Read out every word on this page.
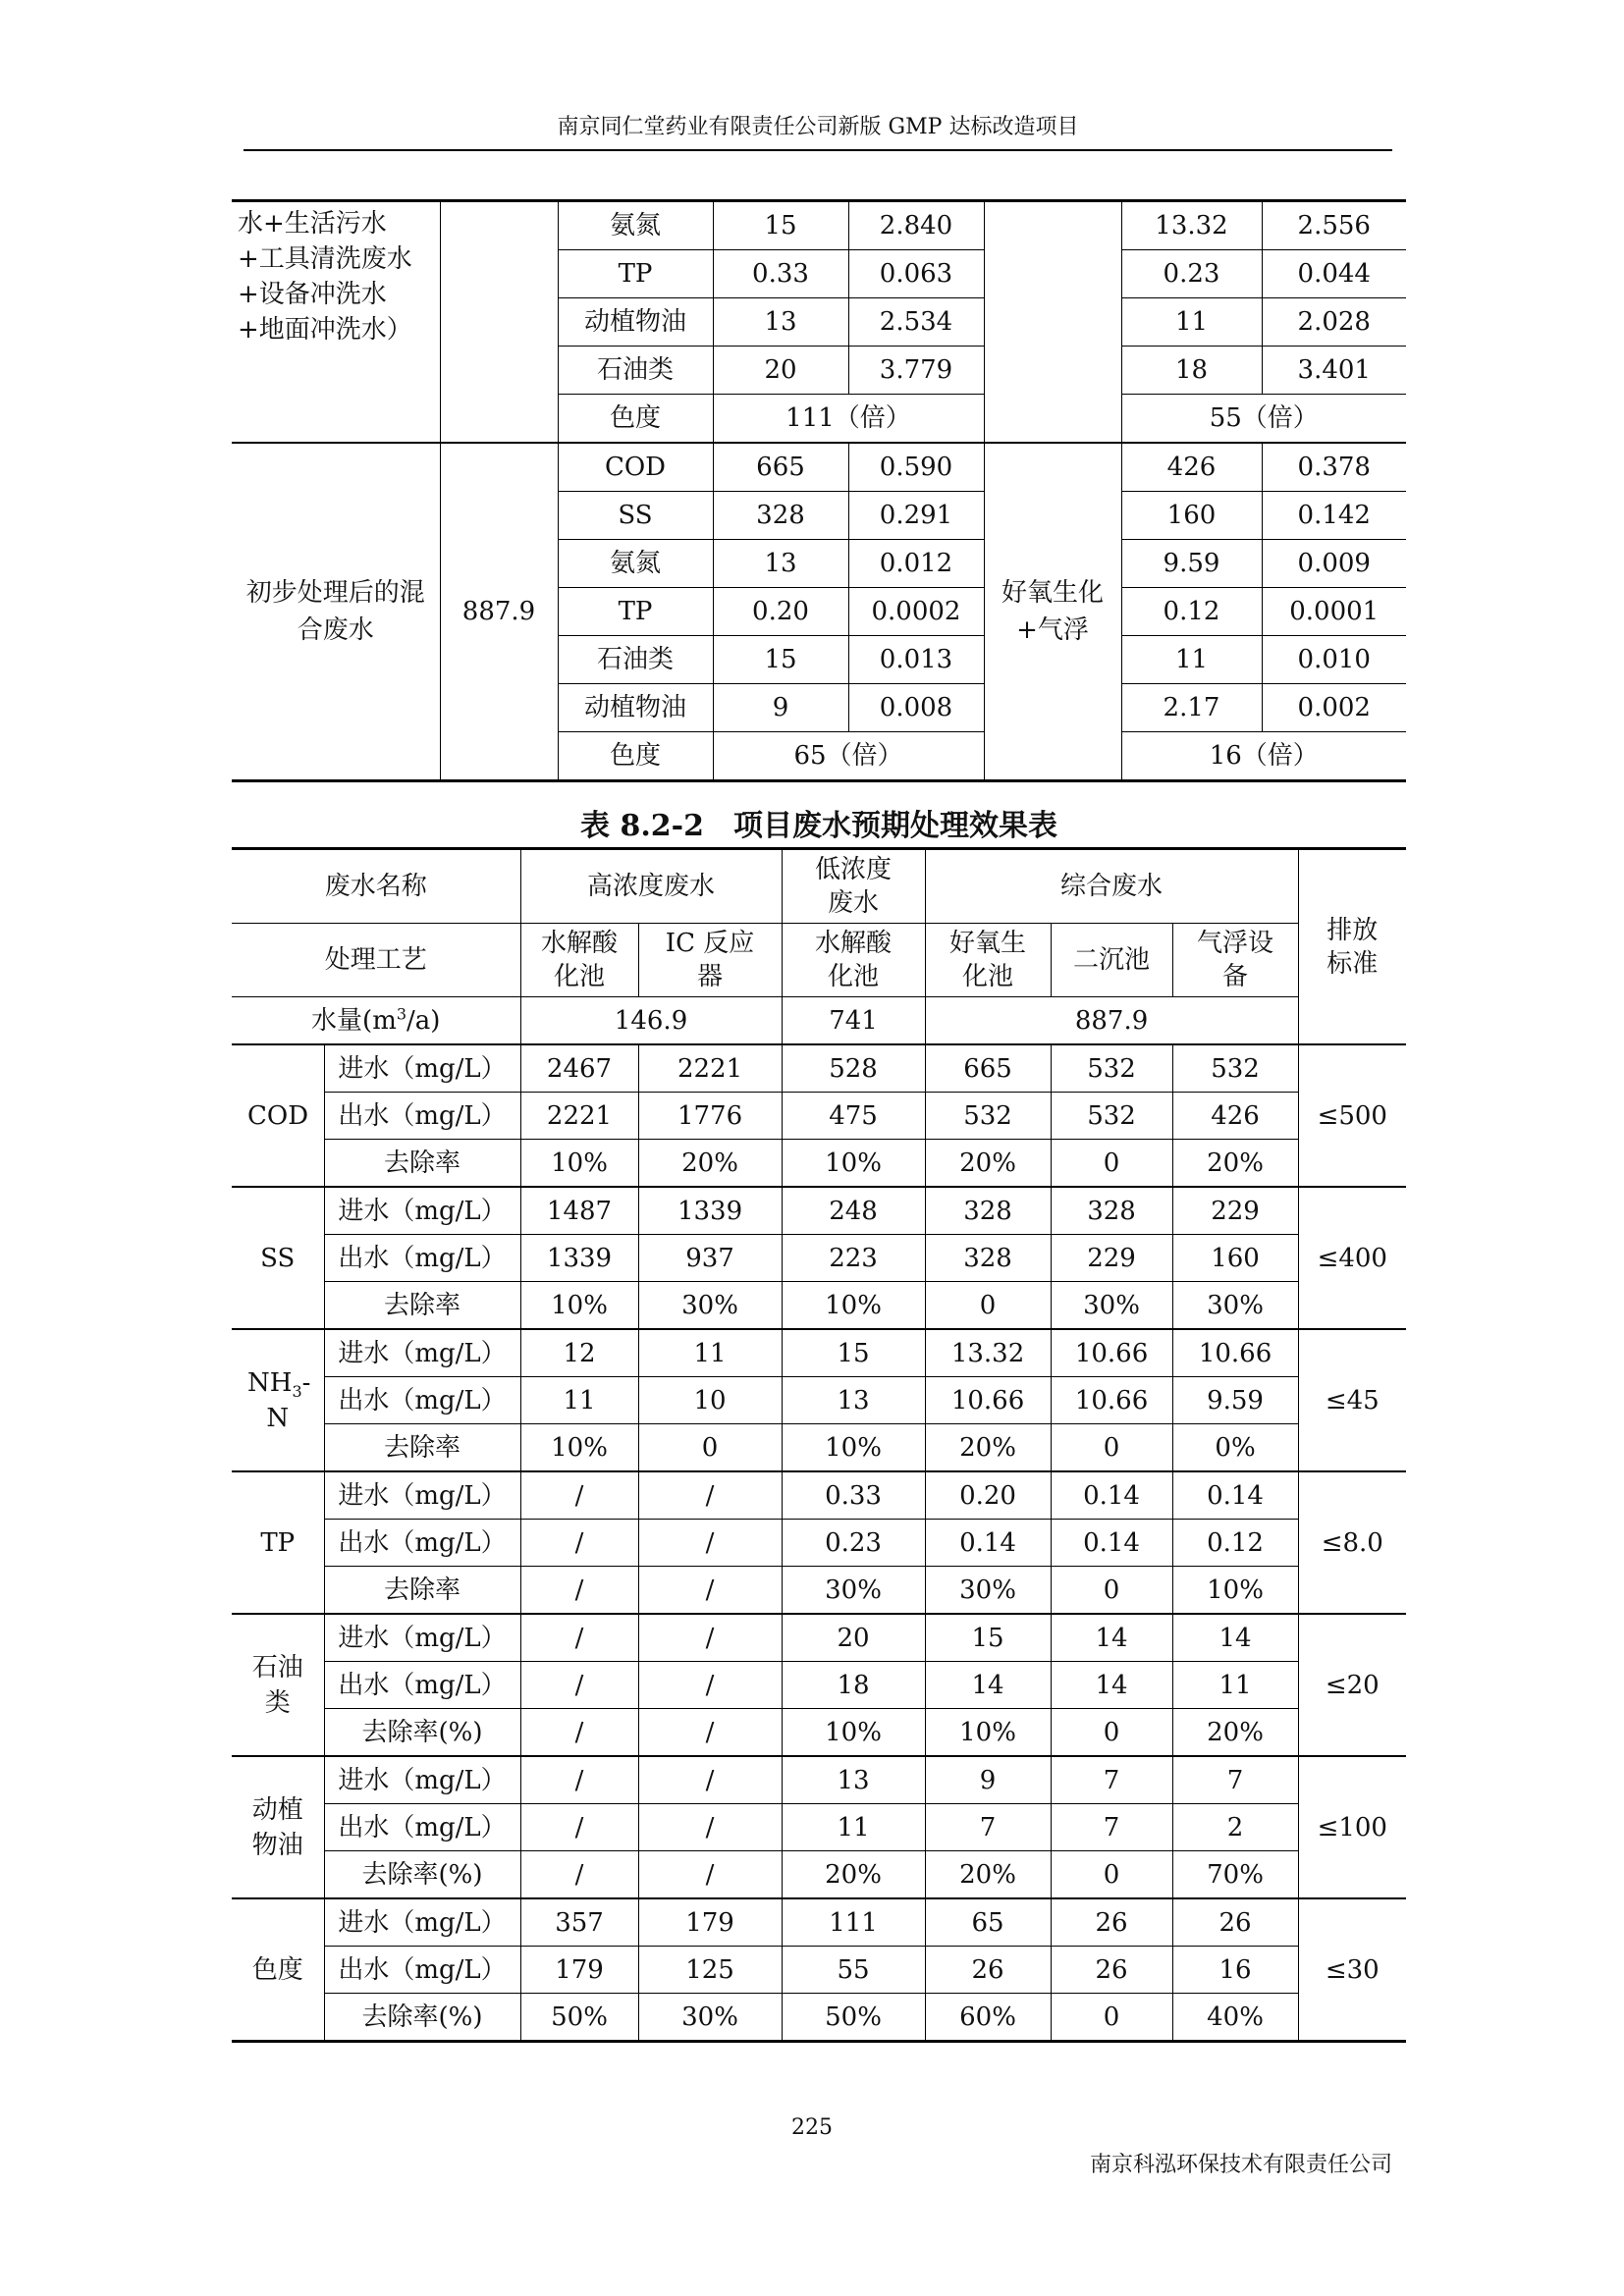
南京同仁堂药业有限责任公司新版 GMP 达标改造项目
水+生活污水+工具清洗废水+设备冲洗水+地面冲洗水）		氨氮	15	2.840		13.32	2.556
		TP	0.33	0.063		0.23	0.044
		动植物油	13	2.534		11	2.028
		石油类	20	3.779		18	3.401
		色度	111（倍）			55（倍）	
初步处理后的混合废水	887.9	COD	665	0.590	好氧生化+气浮	426	0.378
		SS	328	0.291		160	0.142
		氨氮	13	0.012		9.59	0.009
		TP	0.20	0.0002		0.12	0.0001
		石油类	15	0.013		11	0.010
		动植物油	9	0.008		2.17	0.002
		色度	65（倍）			16（倍）	
表 8.2-2　项目废水预期处理效果表
废水名称		高浓度废水		低浓度废水	综合废水			排放标准
处理工艺		水解酸化池	IC 反应器	水解酸化池	好氧生化池	二沉池	气浮设备	
水量$(m^3/a)$		146.9		741	887.9			
COD	进水（mg/L）	2467	2221	528	665	532	532	≤500
	出水（mg/L）	2221	1776	475	532	532	426	
	去除率	10%	20%	10%	20%	0	20%	
SS	进水（mg/L）	1487	1339	248	328	328	229	≤400
	出水（mg/L）	1339	937	223	328	229	160	
	去除率	10%	30%	10%	0	30%	30%	
$NH_3-N$	进水（mg/L）	12	11	15	13.32	10.66	10.66	≤45
	出水（mg/L）	11	10	13	10.66	10.66	9.59	
	去除率	10%	0	10%	20%	0	0%	
TP	进水（mg/L）	/	/	0.33	0.20	0.14	0.14	≤8.0
	出水（mg/L）	/	/	0.23	0.14	0.14	0.12	
	去除率	/	/	30%	30%	0	10%	
石油类	进水（mg/L）	/	/	20	15	14	14	≤20
	出水（mg/L）	/	/	18	14	14	11	
	去除率(%)	/	/	10%	10%	0	20%	
动植物油	进水（mg/L）	/	/	13	9	7	7	≤100
	出水（mg/L）	/	/	11	7	7	2	
	去除率(%)	/	/	20%	20%	0	70%	
色度	进水（mg/L）	357	179	111	65	26	26	≤30
	出水（mg/L）	179	125	55	26	26	16	
	去除率(%)	50%	30%	50%	60%	0	40%	
225
南京科泓环保技术有限责任公司
